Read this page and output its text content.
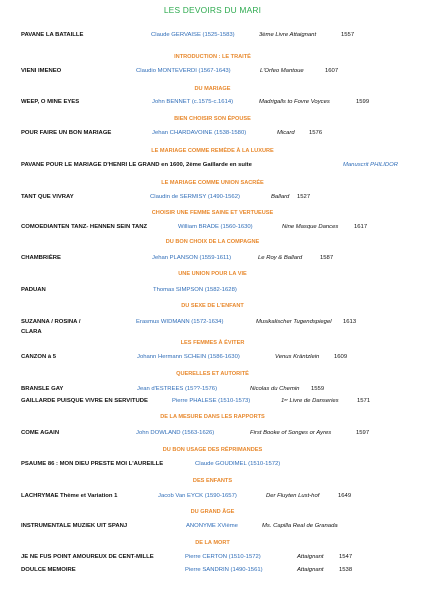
LES DEVOIRS DU MARI
PAVANE LA BATAILLE	Claude GERVAISE (1525-1583)	3ème Livre Attaignant	1557
INTRODUCTION : LE TRAITÉ
VIENI IMENEO	Claudio MONTEVERDI (1567-1643)	L'Orfeo Mantoue	1607
DU MARIAGE
WEEP, O MINE EYES	John BENNET (c.1575-c.1614)	Madrigalls to Fovre Voyces	1599
BIEN CHOISIR SON ÉPOUSE
POUR FAIRE UN BON MARIAGE	Jehan CHARDAVOINE (1538-1580)	Micard 1576
LE MARIAGE COMME REMÈDE À LA LUXURE
PAVANE POUR LE MARIAGE D'HENRI LE GRAND en 1600, 2ème Gaillarde en suite	Manuscrit PHILIDOR
LE MARIAGE COMME UNION SACRÉE
TANT QUE VIVRAY	Claudin de SERMISY (1490-1562)	Ballard 1527
CHOISIR UNE FEMME SAINE ET VERTUEUSE
COMOEDIANTEN TANZ- HENNEN SEIN TANZ	William BRADE (1560-1630)	Nine Masque Dances	1617
DU BON CHOIX DE LA COMPAGNE
CHAMBRIÈRE	Jehan PLANSON (1559-1611)	Le Roy & Ballard	1587
UNE UNION POUR LA VIE
PADUAN	Thomas SIMPSON (1582-1628)
DU SEXE DE L'ENFANT
SUZANNA / ROSINA /	Erasmus WIDMANN (1572-1634)	Musikalischer Tugendspiegel 1613
CLARA
LES FEMMES À ÉVITER
CANZON à 5	Johann Hermann SCHEIN (1586-1630)	Venus Kräntzlein 1609
QUERELLES ET AUTORITÉ
BRANSLE GAY	Jean d'ESTREES (15??-1576)	Nicolas du Chemin 1559
GAILLARDE PUISQUE VIVRE EN SERVITUDE	Pierre PHALESE (1510-1573)	1er Livre de Danseries	1571
DE LA MESURE DANS LES RAPPORTS
COME AGAIN	John DOWLAND (1563-1626)	First Booke of Songes or Ayres	1597
DU BON USAGE DES RÉPRIMANDES
PSAUME 86 : MON DIEU PRESTE MOI L'AUREILLE	Claude GOUDIMEL (1510-1572)
DES ENFANTS
LACHRYMAE Thème et Variation 1	Jacob Van EYCK (1590-1657)	Der Fluyten Lust-hof	1649
DU GRAND ÂGE
INSTRUMENTALE MUZIEK UIT SPANJ	ANONYME XVième	Ms. Capilla Real de Granada
DE LA MORT
JE NE FUS POINT AMOUREUX DE CENT-MILLE	Pierre CERTON (1510-1572)	Attaignant	1547
DOULCE MEMOIRE	Pierre SANDRIN (1490-1561)	Attaignant	1538
